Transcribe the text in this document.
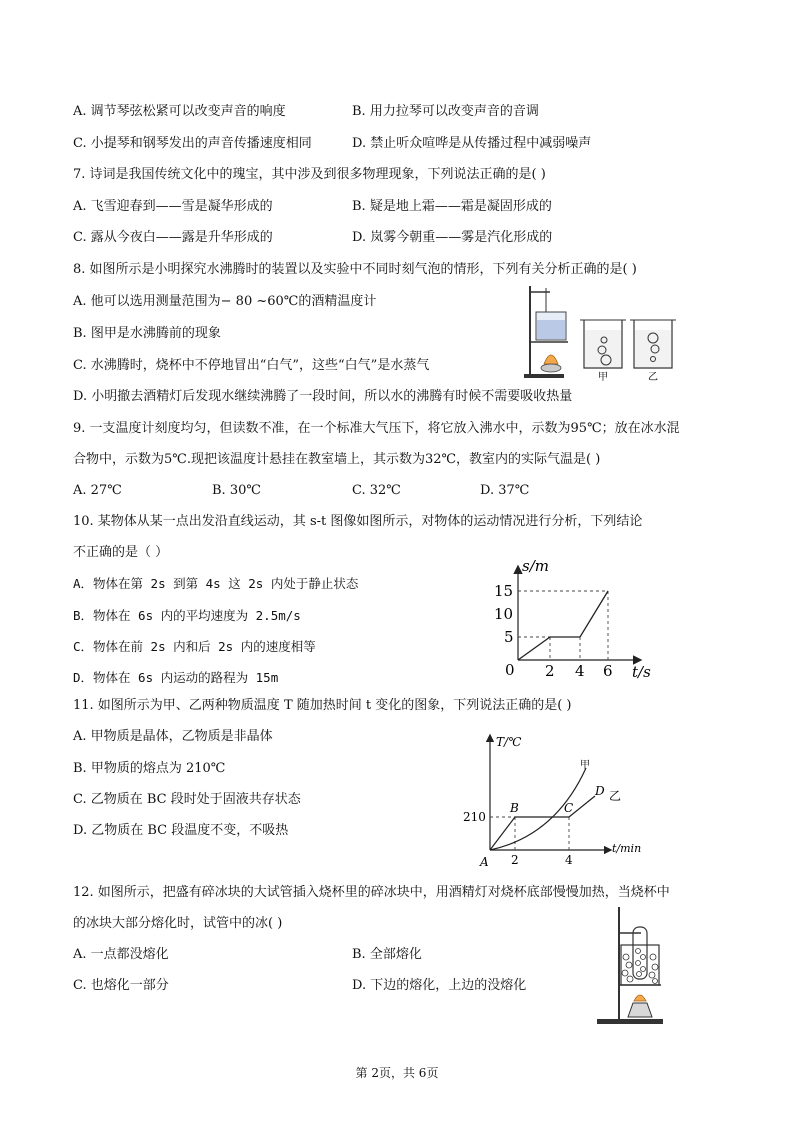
A. 调节琴弦松紧可以改变声音的响度	B. 用力拉琴可以改变声音的音调
C. 小提琴和钢琴发出的声音传播速度相同	D. 禁止听众喧哗是从传播过程中减弱噪声
7. 诗词是我国传统文化中的瑰宝，其中涉及到很多物理现象，下列说法正确的是( )
A. 飞雪迎春到——雪是凝华形成的	B. 疑是地上霜——霜是凝固形成的
C. 露从今夜白——露是升华形成的	D. 岚雾今朝重——雾是汽化形成的
8. 如图所示是小明探究水沸腾时的装置以及实验中不同时刻气泡的情形，下列有关分析正确的是( )
A. 他可以选用测量范围为− 80 ~60℃的酒精温度计
B. 图甲是水沸腾前的现象
C. 水沸腾时，烧杯中不停地冒出“白气”，这些“白气”是水蒸气
D. 小明撤去酒精灯后发现水继续沸腾了一段时间，所以水的沸腾有时候不需要吸收热量
甲	乙
9. 一支温度计刻度均匀，但读数不准，在一个标准大气压下，将它放入沸水中，示数为95℃；放在冰水混
合物中，示数为5℃.现把该温度计悬挂在教室墙上，其示数为32℃，教室内的实际气温是( )
A. 27℃	B. 30℃	C. 32℃	D. 37℃
10. 某物体从某一点出发沿直线运动，其 s-t 图像如图所示，对物体的运动情况进行分析，下列结论
不正确的是（ ）
A．物体在第 2s 到第 4s 这 2s 内处于静止状态
B．物体在 6s 内的平均速度为 2.5m/s
C．物体在前 2s 内和后 2s 内的速度相等
D．物体在 6s 内运动的路程为 15m
s/m
t/s
0
15
10
5
2 4 6
11. 如图所示为甲、乙两种物质温度 T 随加热时间 t 变化的图象，下列说法正确的是( )
A. 甲物质是晶体，乙物质是非晶体
B. 甲物质的熔点为 210℃
C. 乙物质在 BC 段时处于固液共存状态
D. 乙物质在 BC 段温度不变，不吸热
T/℃
t/min
210
2	4
A
B	C
D
甲
乙
12. 如图所示，把盛有碎冰块的大试管插入烧杯里的碎冰块中，用酒精灯对烧杯底部慢慢加热，当烧杯中
的冰块大部分熔化时，试管中的冰( )
A. 一点都没熔化	B. 全部熔化
C. 也熔化一部分	D. 下边的熔化，上边的没熔化
第 2页，共 6页
